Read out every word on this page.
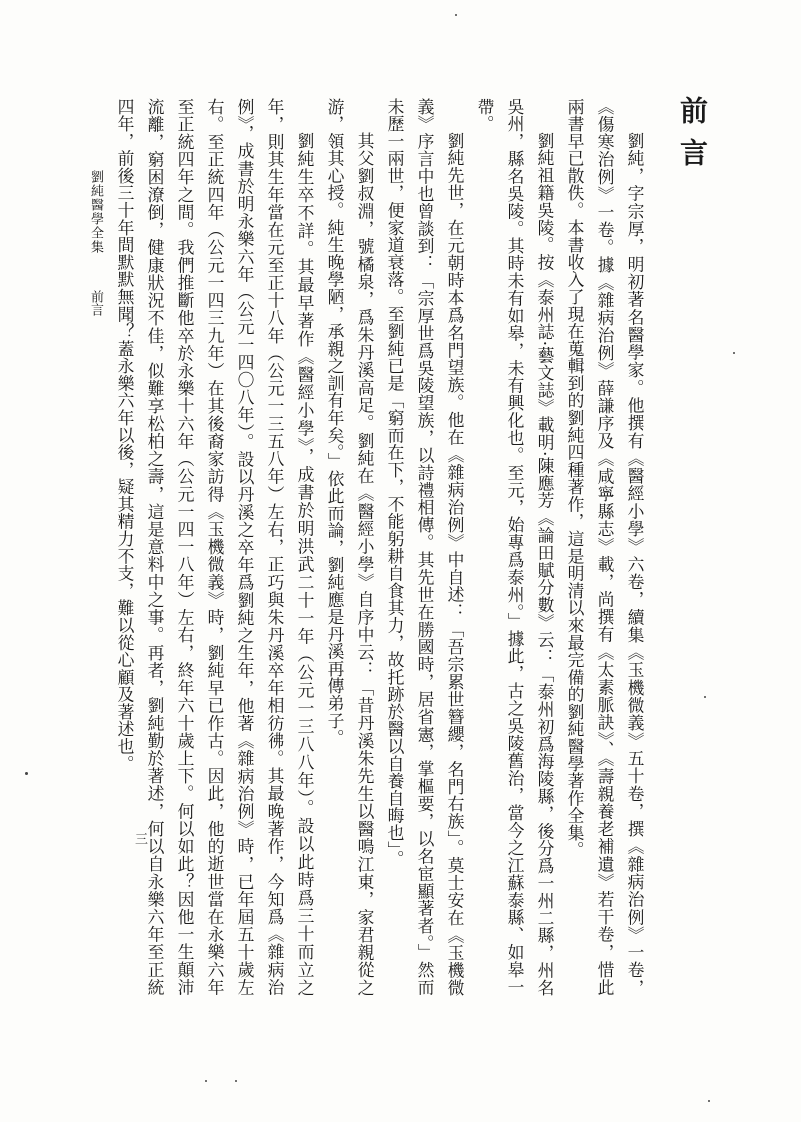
前言

劉純，字宗厚，明初著名醫學家。他撰有《醫經小學》六卷，續集《玉機微義》五十卷，撰《雜病治例》一卷，《傷寒治例》一卷。據《雜病治例》薛謙序及《咸寧縣志》載，尚撰有《太素脈訣》、《壽親養老補遺》若干卷，惜此兩書早已散佚。本書收入了現在蒐輯到的劉純四種著作，這是明清以來最完備的劉純醫學著作全集。

劉純祖籍吳陵。按《泰州誌·藝文誌》載明·陳應芳《論田賦分數》云：「泰州初爲海陵縣，後分爲一州二縣，州名吳州，縣名吳陵。其時未有如皋，未有興化也。至元，始專爲泰州。」據此，古之吳陵舊治，當今之江蘇泰縣、如皋一帶。

劉純先世，在元朝時本爲名門望族。他在《雜病治例》中自述：「吾宗累世簪纓，名門右族」。莫士安在《玉機微義》序言中也曾談到：「宗厚世爲吳陵望族，以詩禮相傳。其先世在勝國時，居省憲，掌樞要，以名宦顯著者。」然而未歷一兩世，便家道衰落。至劉純已是「窮而在下，不能躬耕自食其力，故托跡於醫以自養自晦也」。

其父劉叔淵，號橘泉，爲朱丹溪高足。劉純在《醫經小學》自序中云：「昔丹溪朱先生以醫鳴江東，家君親從之游，領其心授。純生晚學陋，承親之訓有年矣。」依此而論，劉純應是丹溪再傳弟子。

劉純生卒不詳。其最早著作《醫經小學》，成書於明洪武二十一年（公元一三八八年）。設以此時爲三十而立之年，則其生年當在元至正十八年（公元一三五八年）左右，正巧與朱丹溪卒年相彷彿。其最晚著作，今知爲《雜病治例》，成書於明永樂六年（公元一四〇八年）。設以丹溪之卒年爲劉純之生年，他著《雜病治例》時，已年屆五十歲左右。至正統四年（公元一四三九年）在其後裔家訪得《玉機微義》時，劉純早已作古。因此，他的逝世當在永樂六年至正統四年之間。我們推斷他卒於永樂十六年（公元一四一八年）左右，終年六十歲上下。何以如此？因他一生顛沛流離，窮困潦倒，健康狀況不佳，似難享松柏之壽，這是意料中之事。再者，劉純勤於著述，何以自永樂六年至正統四年，前後三十年間默默無聞？蓋永樂六年以後，疑其精力不支，難以從心顧及著述也。

劉純醫學全集
前言
三
